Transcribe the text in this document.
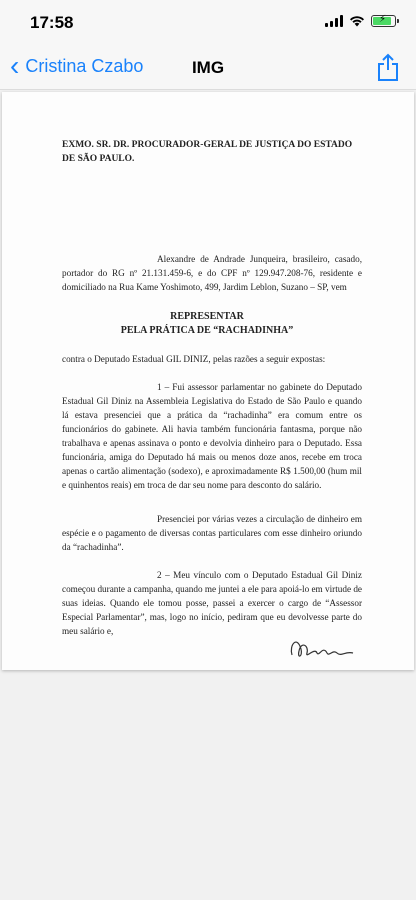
17:58	⚡
‹ Cristina Czabo	IMG
EXMO. SR. DR. PROCURADOR-GERAL DE JUSTIÇA DO ESTADO DE SÃO PAULO.
Alexandre de Andrade Junqueira, brasileiro, casado, portador do RG nº 21.131.459-6, e do CPF nº 129.947.208-76, residente e domiciliado na Rua Kame Yoshimoto, 499, Jardim Leblon, Suzano – SP, vem
REPRESENTAR
PELA PRÁTICA DE “RACHADINHA”
contra o Deputado Estadual GIL DINIZ, pelas razões a seguir expostas:
1 – Fui assessor parlamentar no gabinete do Deputado Estadual Gil Diniz na Assembleia Legislativa do Estado de São Paulo e quando lá estava presenciei que a prática da “rachadinha” era comum entre os funcionários do gabinete. Ali havia também funcionária fantasma, porque não trabalhava e apenas assinava o ponto e devolvia dinheiro para o Deputado. Essa funcionária, amiga do Deputado há mais ou menos doze anos, recebe em troca apenas o cartão alimentação (sodexo), e aproximadamente R$ 1.500,00 (hum mil e quinhentos reais) em troca de dar seu nome para desconto do salário.
Presenciei por várias vezes a circulação de dinheiro em espécie e o pagamento de diversas contas particulares com esse dinheiro oriundo da “rachadinha”.
2 – Meu vínculo com o Deputado Estadual Gil Diniz começou durante a campanha, quando me juntei a ele para apoiá-lo em virtude de suas ideias. Quando ele tomou posse, passei a exercer o cargo de “Assessor Especial Parlamentar”, mas, logo no início, pediram que eu devolvesse parte do meu salário e,
